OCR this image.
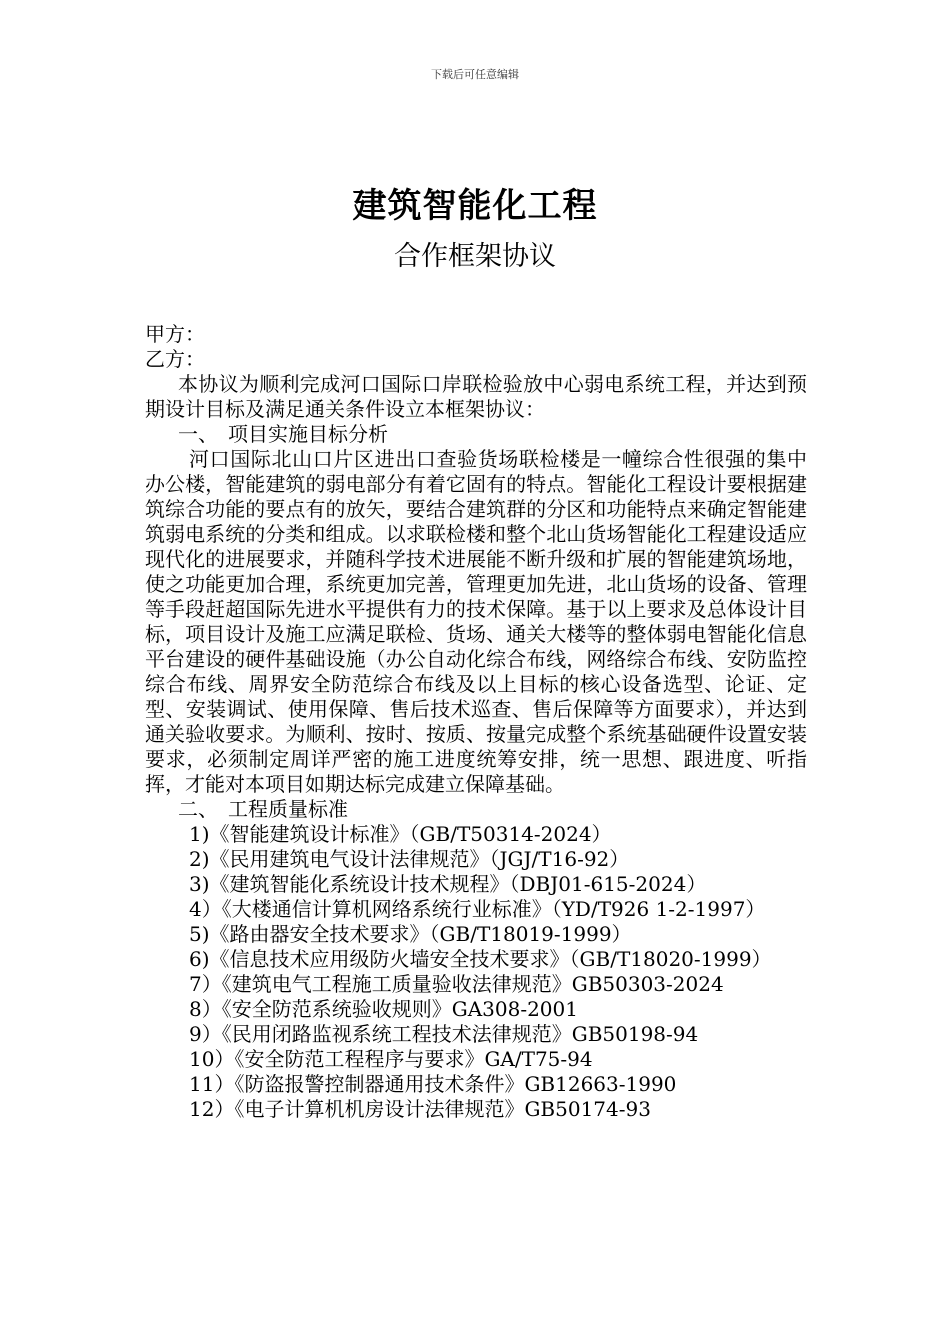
下载后可任意编辑
建筑智能化工程
合作框架协议

甲方：

乙方：

本协议为顺利完成河口国际口岸联检验放中心弱电系统工程，并达到预期设计目标及满足通关条件设立本框架协议：

一、　项目实施目标分析

河口国际北山口片区进出口查验货场联检楼是一幢综合性很强的集中办公楼，智能建筑的弱电部分有着它固有的特点。智能化工程设计要根据建筑综合功能的要点有的放矢，要结合建筑群的分区和功能特点来确定智能建筑弱电系统的分类和组成。以求联检楼和整个北山货场智能化工程建设适应现代化的进展要求，并随科学技术进展能不断升级和扩展的智能建筑场地，使之功能更加合理，系统更加完善，管理更加先进，北山货场的设备、管理等手段赶超国际先进水平提供有力的技术保障。基于以上要求及总体设计目标，项目设计及施工应满足联检、货场、通关大楼等的整体弱电智能化信息平台建设的硬件基础设施（办公自动化综合布线，网络综合布线、安防监控综合布线、周界安全防范综合布线及以上目标的核心设备选型、论证、定型、安装调试、使用保障、售后技术巡查、售后保障等方面要求），并达到通关验收要求。为顺利、按时、按质、按量完成整个系统基础硬件设置安装要求，必须制定周详严密的施工进度统筹安排，统一思想、跟进度、听指挥，才能对本项目如期达标完成建立保障基础。

二、　工程质量标准

1)《智能建筑设计标准》（GB/T50314-2024）

2)《民用建筑电气设计法律规范》（JGJ/T16-92）

3)《建筑智能化系统设计技术规程》（DBJ01-615-2024）

4）《大楼通信计算机网络系统行业标准》（YD/T926 1-2-1997）

5)《路由器安全技术要求》（GB/T18019-1999）

6)《信息技术应用级防火墙安全技术要求》（GB/T18020-1999）

7）《建筑电气工程施工质量验收法律规范》GB50303-2024

8）《安全防范系统验收规则》GA308-2001

9）《民用闭路监视系统工程技术法律规范》GB50198-94

10）《安全防范工程程序与要求》GA/T75-94

11）《防盗报警控制器通用技术条件》GB12663-1990

12）《电子计算机机房设计法律规范》GB50174-93
